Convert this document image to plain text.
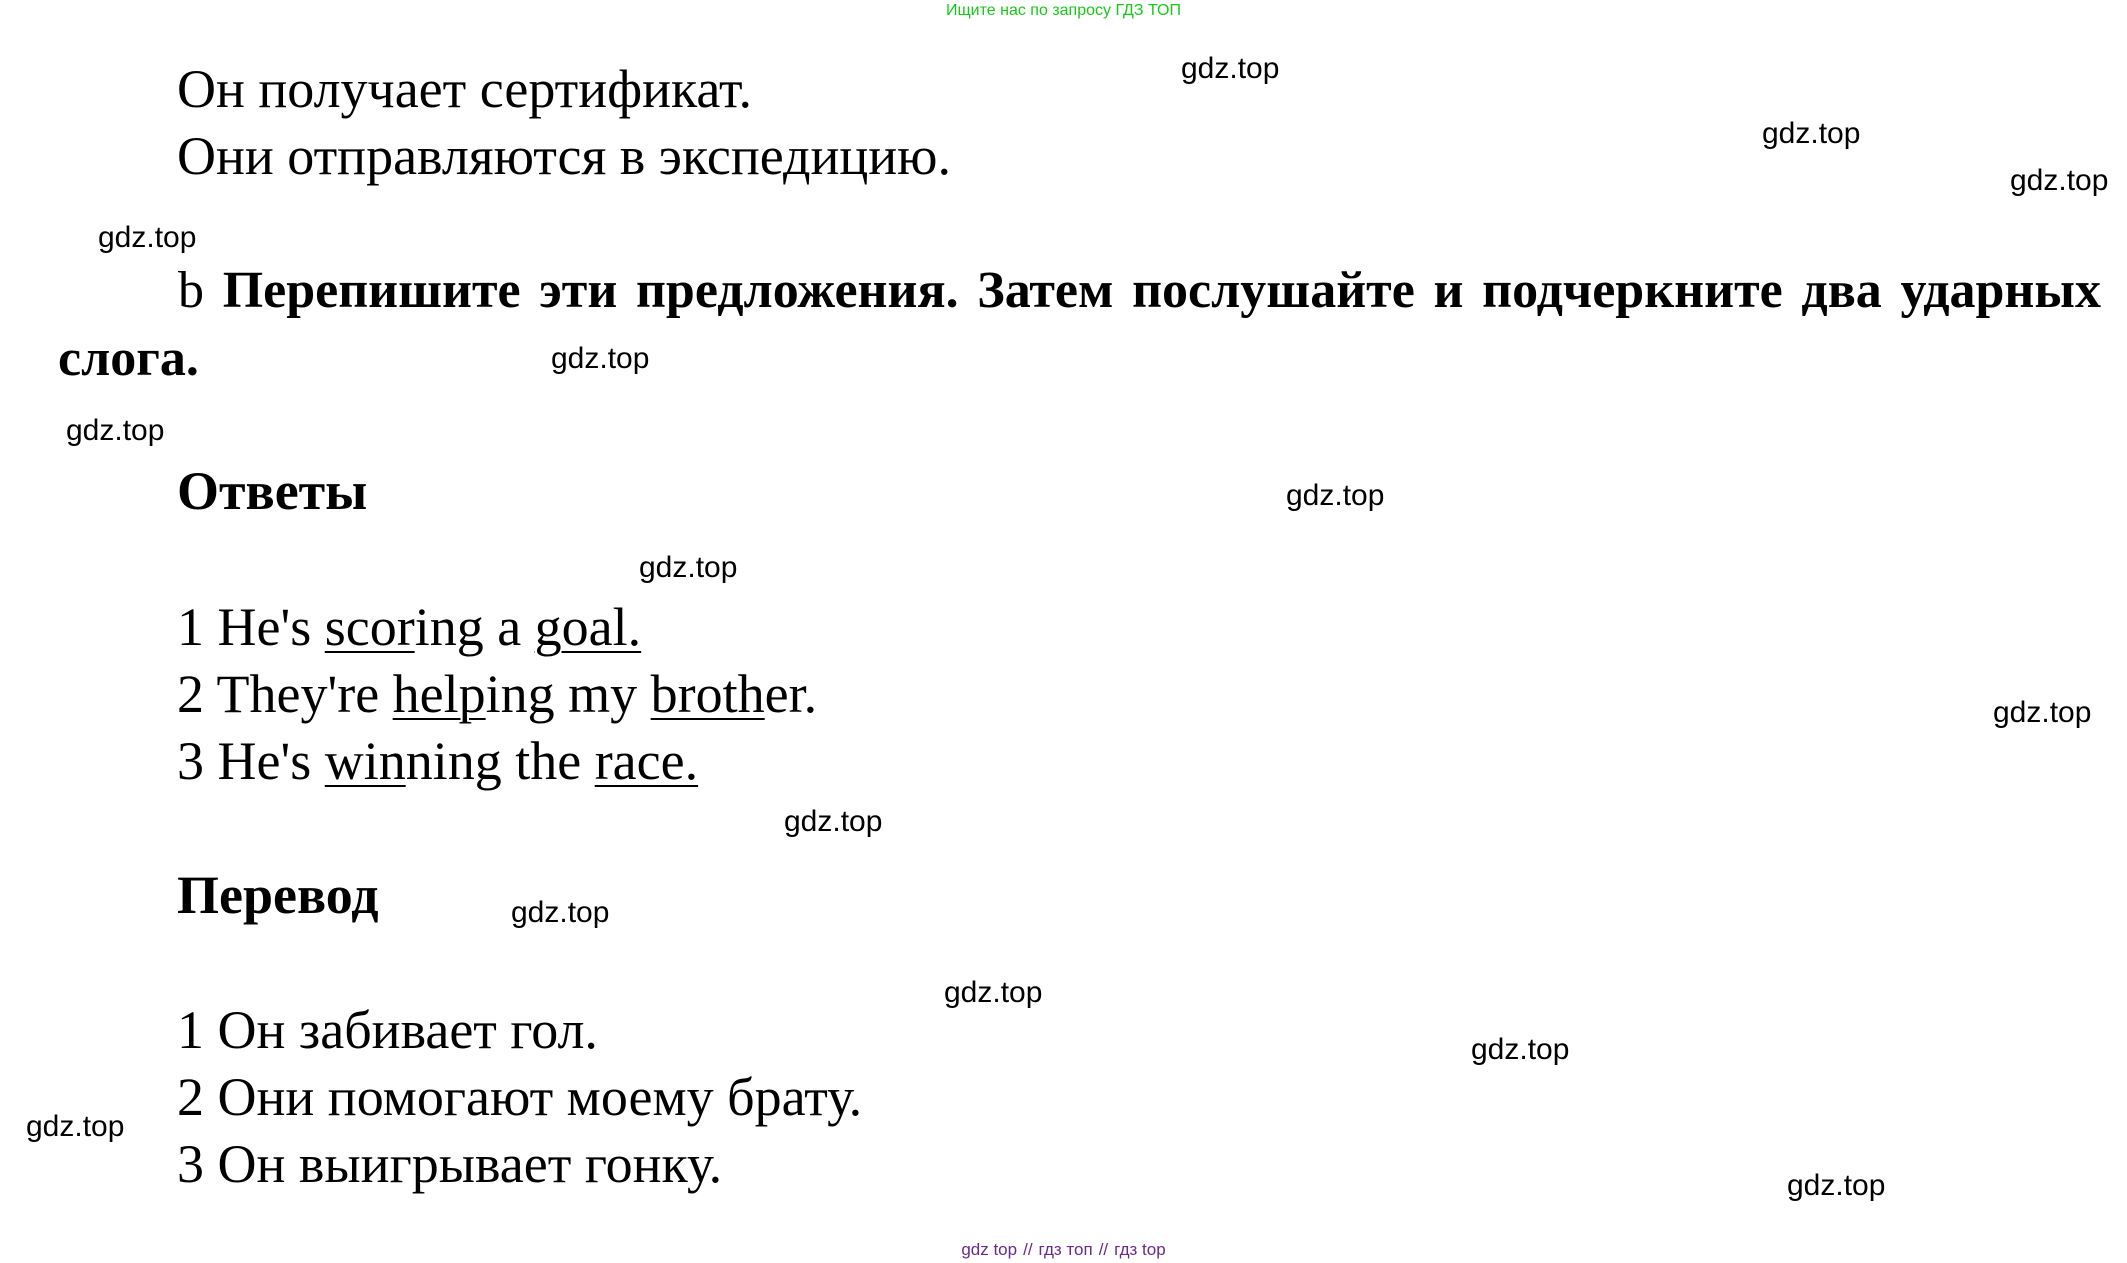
Ищите нас по запросу ГДЗ ТОП
Он получает сертификат.
Они отправляются в экспедицию.
b Перепишите эти предложения. Затем послушайте и подчеркните два ударных слога.
Ответы
1 He's scoring a goal.
2 They're helping my brother.
3 He's winning the race.
Перевод
1 Он забивает гол.
2 Они помогают моему брату.
3 Он выигрывает гонку.
gdz.top
gdz.top
gdz.top
gdz.top
gdz.top
gdz.top
gdz.top
gdz.top
gdz.top
gdz.top
gdz.top
gdz.top
gdz.top
gdz.top
gdz.top
gdz top // гдз топ // гдз top
